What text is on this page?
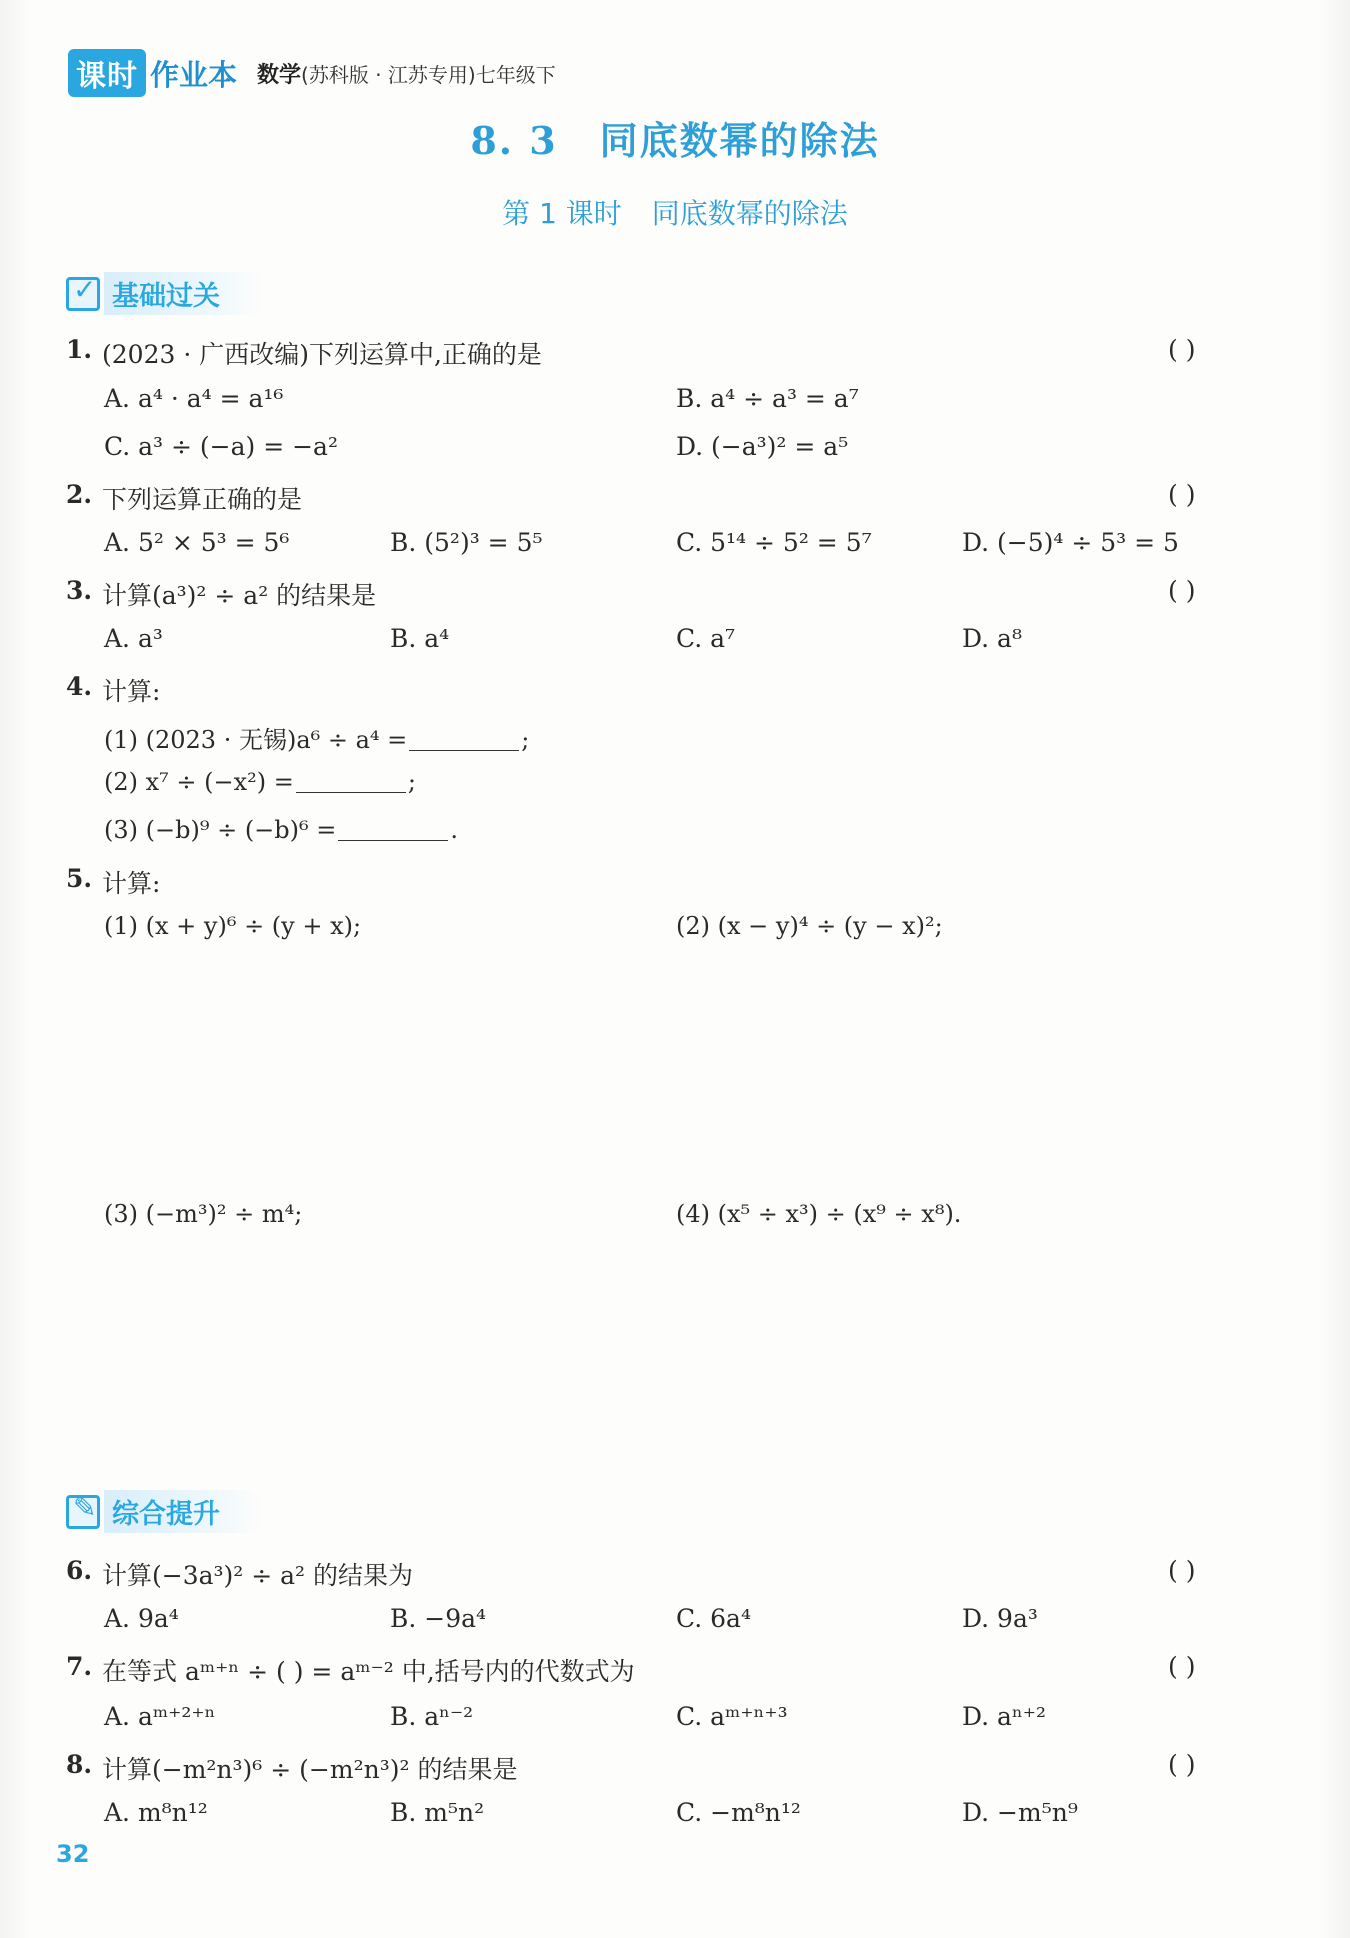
课时 作业本 数学 (苏科版 · 江苏专用)七年级下
8. 3 同底数幂的除法
第 1 课时 同底数幂的除法
✓ 基础过关
1. (2023 · 广西改编)下列运算中,正确的是	( )
A. a⁴ · a⁴ = a¹⁶	B. a⁴ ÷ a³ = a⁷
C. a³ ÷ (−a) = −a²	D. (−a³)² = a⁵
2. 下列运算正确的是	( )
A. 5² × 5³ = 5⁶	B. (5²)³ = 5⁵	C. 5¹⁴ ÷ 5² = 5⁷	D. (−5)⁴ ÷ 5³ = 5
3. 计算(a³)² ÷ a² 的结果是	( )
A. a³	B. a⁴	C. a⁷	D. a⁸
4. 计算:
(1) (2023 · 无锡)a⁶ ÷ a⁴ =	;
(2) x⁷ ÷ (−x²) =	;
(3) (−b)⁹ ÷ (−b)⁶ =	.
5. 计算:
(1) (x + y)⁶ ÷ (y + x);	(2) (x − y)⁴ ÷ (y − x)²;
(3) (−m³)² ÷ m⁴;	(4) (x⁵ ÷ x³) ÷ (x⁹ ÷ x⁸).
✎ 综合提升
6. 计算(−3a³)² ÷ a² 的结果为	( )
A. 9a⁴	B. −9a⁴	C. 6a⁴	D. 9a³
7. 在等式 aᵐ⁺ⁿ ÷ ( ) = aᵐ⁻² 中,括号内的代数式为	( )
A. aᵐ⁺²⁺ⁿ	B. aⁿ⁻²	C. aᵐ⁺ⁿ⁺³	D. aⁿ⁺²
8. 计算(−m²n³)⁶ ÷ (−m²n³)² 的结果是	( )
A. m⁸n¹²	B. m⁵n²	C. −m⁸n¹²	D. −m⁵n⁹
32
